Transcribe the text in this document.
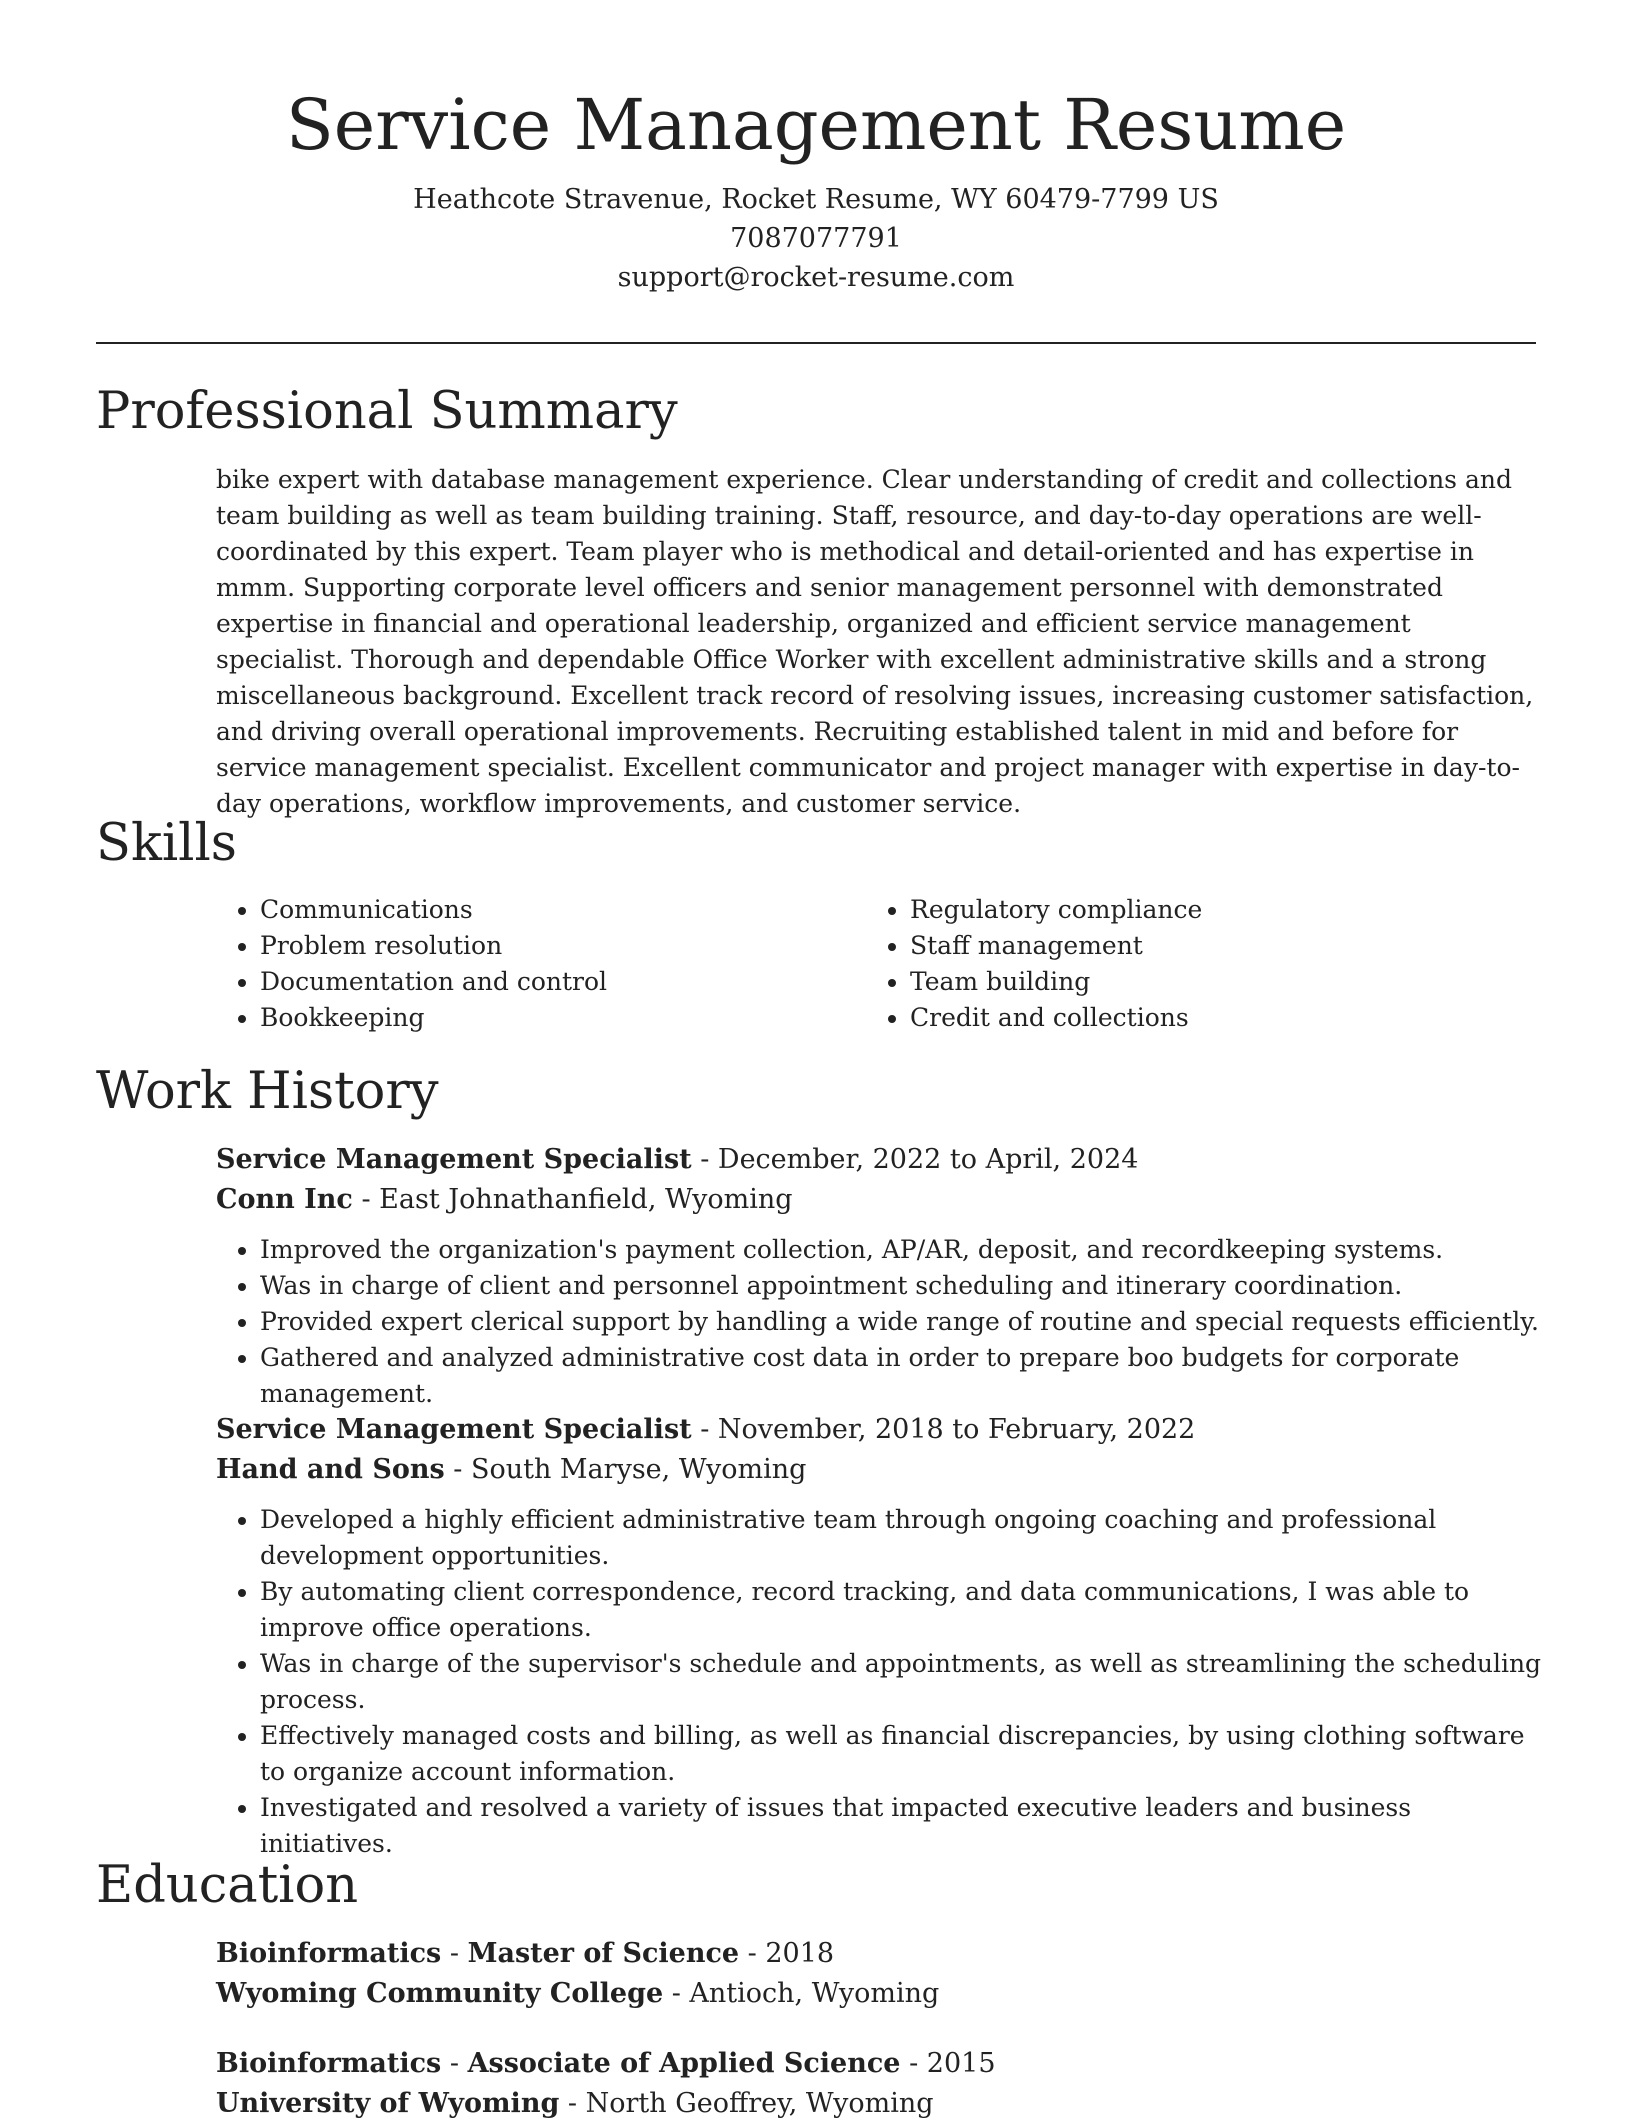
Service Management Resume

Heathcote Stravenue, Rocket Resume, WY 60479-7799 US

7087077791

support@rocket-resume.com

Professional Summary

bike expert with database management experience. Clear understanding of credit and collections and team building as well as team building training. Staff, resource, and day-to-day operations are well-coordinated by this expert. Team player who is methodical and detail-oriented and has expertise in mmm. Supporting corporate level officers and senior management personnel with demonstrated expertise in financial and operational leadership, organized and efficient service management specialist. Thorough and dependable Office Worker with excellent administrative skills and a strong miscellaneous background. Excellent track record of resolving issues, increasing customer satisfaction, and driving overall operational improvements. Recruiting established talent in mid and before for service management specialist. Excellent communicator and project manager with expertise in day-to-day operations, workflow improvements, and customer service.

Skills
• Communications
• Problem resolution
• Documentation and control
• Bookkeeping
• Regulatory compliance
• Staff management
• Team building
• Credit and collections
Work History

Service Management Specialist - December, 2022 to April, 2024

Conn Inc - East Johnathanfield, Wyoming

• Improved the organization's payment collection, AP/AR, deposit, and recordkeeping systems.
• Was in charge of client and personnel appointment scheduling and itinerary coordination.
• Provided expert clerical support by handling a wide range of routine and special requests efficiently.
• Gathered and analyzed administrative cost data in order to prepare boo budgets for corporate management.

Service Management Specialist - November, 2018 to February, 2022

Hand and Sons - South Maryse, Wyoming

• Developed a highly efficient administrative team through ongoing coaching and professional development opportunities.
• By automating client correspondence, record tracking, and data communications, I was able to improve office operations.
• Was in charge of the supervisor's schedule and appointments, as well as streamlining the scheduling process.
• Effectively managed costs and billing, as well as financial discrepancies, by using clothing software to organize account information.
• Investigated and resolved a variety of issues that impacted executive leaders and business initiatives.
Education

Bioinformatics - Master of Science - 2018

Wyoming Community College - Antioch, Wyoming

Bioinformatics - Associate of Applied Science - 2015

University of Wyoming - North Geoffrey, Wyoming
